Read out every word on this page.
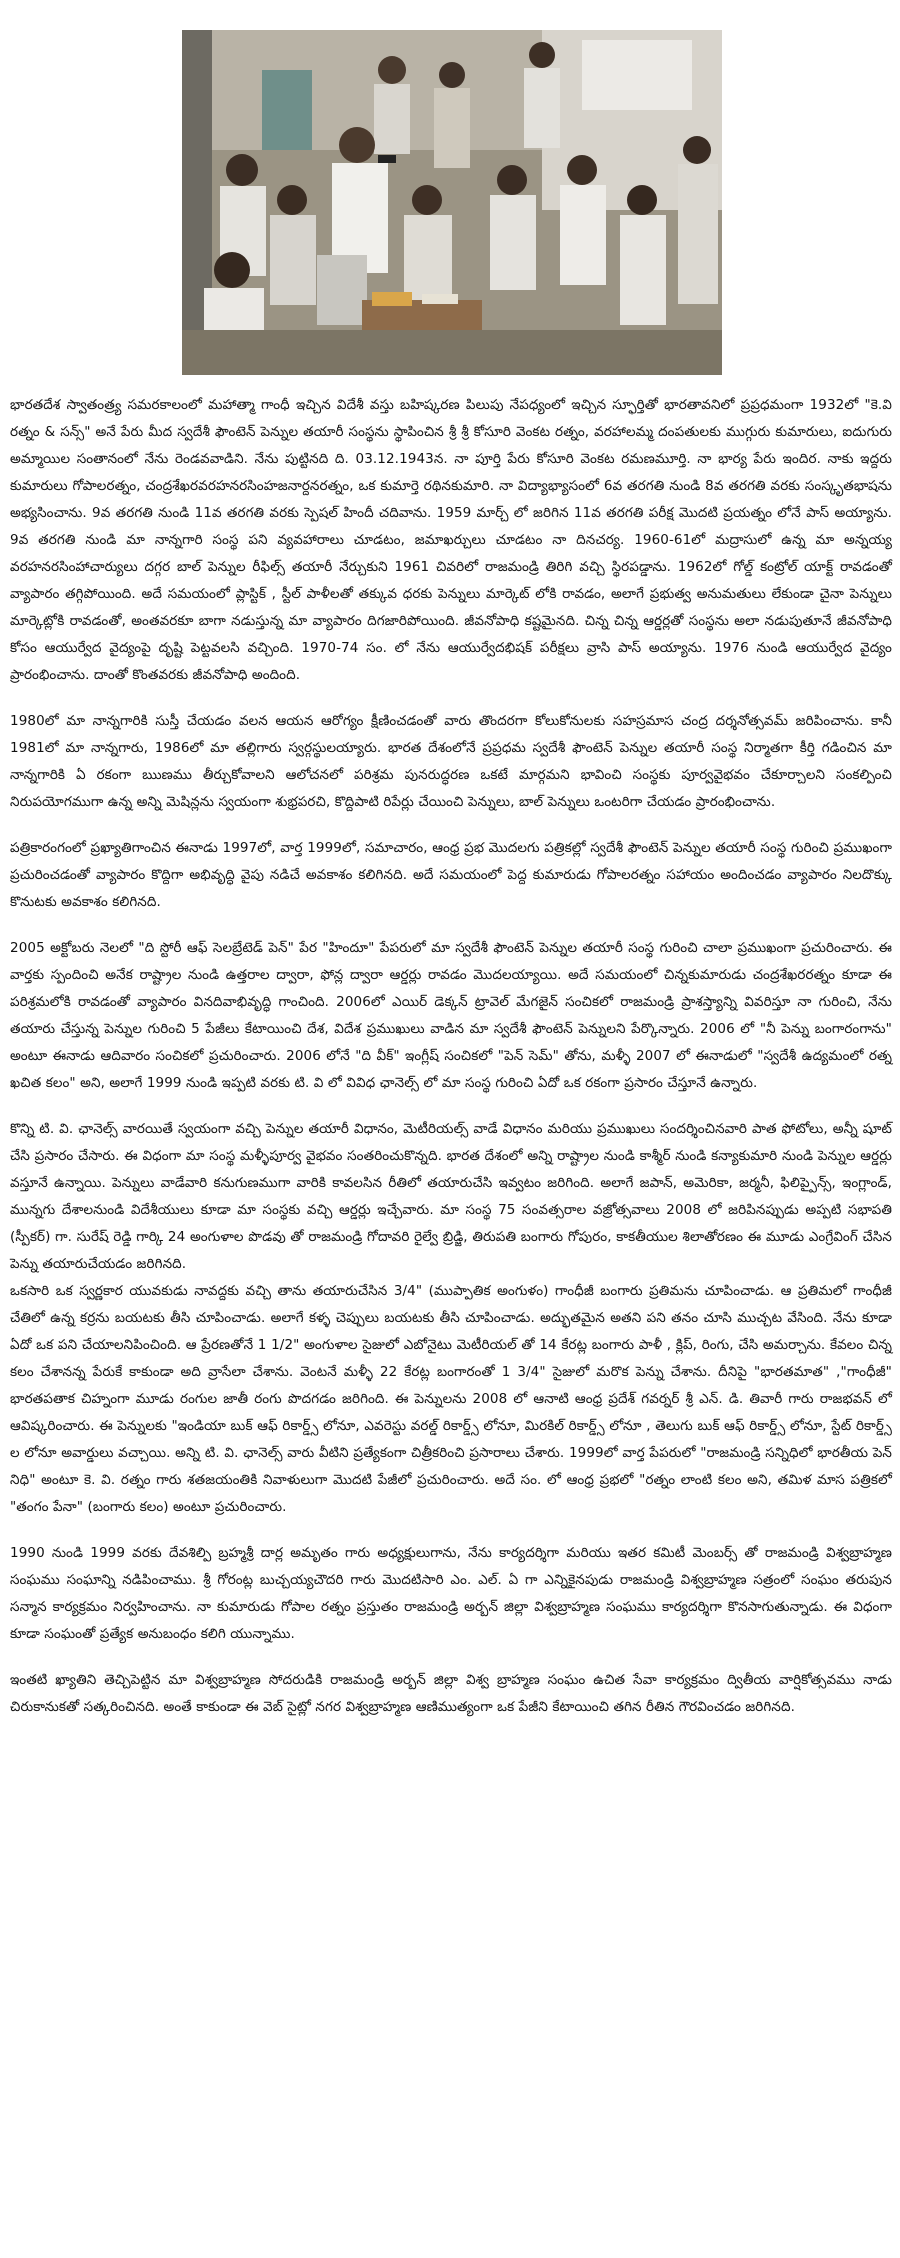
భారతదేశ స్వాతంత్ర్య సమరకాలంలో మహాత్మా గాంధీ ఇచ్చిన విదేశీ వస్తు బహిష్కరణ పిలుపు నేపధ్యంలో ఇచ్చిన స్ఫూర్తితో భారతావనిలో ప్రప్రధమంగా 1932లో "కె.వి రత్నం & సన్స్" అనే పేరు మీద స్వదేశీ ఫౌంటెన్ పెన్నుల తయారీ సంస్థను స్థాపించిన శ్రీ శ్రీ కోసూరి వెంకట రత్నం, వరహాలమ్మ దంపతులకు ముగ్గురు కుమారులు, ఐదుగురు అమ్మాయిల సంతానంలో నేను రెండవవాడిని. నేను పుట్టినది ది. 03.12.1943న. నా పూర్తి పేరు కోసూరి వెంకట రమణమూర్తి. నా భార్య పేరు ఇందిర. నాకు ఇద్దరు కుమారులు గోపాలరత్నం, చంద్రశేఖరవరహనరసింహజనార్దనరత్నం, ఒక కుమార్తె రథినకుమారి. నా విద్యాభ్యాసంలో 6వ తరగతి నుండి 8వ తరగతి వరకు సంస్కృతభాషను అభ్యసించాను. 9వ తరగతి నుండి 11వ తరగతి వరకు స్పెషల్ హిందీ చదివాను. 1959 మార్చ్ లో జరిగిన 11వ తరగతి పరీక్ష మొదటి ప్రయత్నం లోనే పాస్ అయ్యాను. 9వ తరగతి నుండి మా నాన్నగారి సంస్థ పని వ్యవహారాలు చూడటం, జమాఖర్చులు చూడటం నా దినచర్య. 1960-61లో మద్రాసులో ఉన్న మా అన్నయ్య వరహనరసింహాచార్యులు దగ్గర బాల్ పెన్నుల రీఫిల్స్ తయారీ నేర్చుకుని 1961 చివరిలో రాజమండ్రి తిరిగి వచ్చి స్థిరపడ్డాను. 1962లో గోల్డ్ కంట్రోల్ యాక్ట్ రావడంతో వ్యాపారం తగ్గిపోయింది. అదే సమయంలో ప్లాస్టిక్ , స్టీల్ పాళీలతో తక్కువ ధరకు పెన్నులు మార్కెట్ లోకి రావడం, అలాగే ప్రభుత్వ అనుమతులు లేకుండా చైనా పెన్నులు మార్కెట్లోకి రావడంతో, అంతవరకూ బాగా నడుస్తున్న మా వ్యాపారం దిగజారిపోయింది. జీవనోపాధి కష్టమైనది. చిన్న చిన్న ఆర్డర్లతో సంస్థను అలా నడుపుతూనే జీవనోపాధి కోసం ఆయుర్వేద వైద్యంపై దృష్టి పెట్టవలసి వచ్చింది. 1970-74 సం. లో నేను ఆయుర్వేదభిషక్ పరీక్షలు వ్రాసి పాస్ అయ్యాను. 1976 నుండి ఆయుర్వేద వైద్యం ప్రారంభించాను. దాంతో కొంతవరకు జీవనోపాధి అందింది.

1980లో మా నాన్నగారికి సుస్తీ చేయడం వలన ఆయన ఆరోగ్యం క్షీణించడంతో వారు తొందరగా కోలుకోనులకు సహస్రమాస చంద్ర దర్శనోత్సవమ్ జరిపించాను. కానీ 1981లో మా నాన్నగారు, 1986లో మా తల్లిగారు స్వర్గస్థులయ్యారు. భారత దేశంలోనే ప్రప్రధమ స్వదేశీ ఫౌంటెన్ పెన్నుల తయారీ సంస్థ నిర్మాతగా కీర్తి గడించిన మా నాన్నగారికి ఏ రకంగా ఋణము తీర్చుకోవాలని ఆలోచనలో పరిశ్రమ పునరుద్ధరణ ఒకటే మార్గమని భావించి సంస్థకు పూర్వవైభవం చేకూర్చాలని సంకల్పించి నిరుపయోగముగా ఉన్న అన్ని మెషిన్లను స్వయంగా శుభ్రపరచి, కొద్దిపాటి రిపేర్లు చేయించి పెన్నులు, బాల్ పెన్నులు ఒంటరిగా చేయడం ప్రారంభించాను.

పత్రికారంగంలో ప్రఖ్యాతిగాంచిన ఈనాడు 1997లో, వార్త 1999లో, సమాచారం, ఆంధ్ర ప్రభ మొదలగు పత్రికల్లో స్వదేశీ ఫౌంటెన్ పెన్నుల తయారీ సంస్థ గురించి ప్రముఖంగా ప్రచురించడంతో వ్యాపారం కొద్దిగా అభివృద్ధి వైపు నడిచే అవకాశం కలిగినది. అదే సమయంలో పెద్ద కుమారుడు గోపాలరత్నం సహాయం అందించడం వ్యాపారం నిలదొక్కు కొనుటకు అవకాశం కలిగినది.

2005 అక్టోబరు నెలలో "ది స్టోరీ ఆఫ్ సెలబ్రేటెడ్ పెన్" పేర "హిందూ" పేపరులో మా స్వదేశీ ఫౌంటెన్ పెన్నుల తయారీ సంస్థ గురించి చాలా ప్రముఖంగా ప్రచురించారు. ఈ వార్తకు స్పందించి అనేక రాష్ట్రాల నుండి ఉత్తరాల ద్వారా, ఫోన్ల ద్వారా ఆర్డర్లు రావడం మొదలయ్యాయి. అదే సమయంలో చిన్నకుమారుడు చంద్రశేఖరరత్నం కూడా ఈ పరిశ్రమలోకి రావడంతో వ్యాపారం వినదివాభివృద్ధి గాంచింది. 2006లో ఎయిర్ డెక్కన్ ట్రావెల్ మేగజైన్ సంచికలో రాజమండ్రి ప్రాశస్త్యాన్ని వివరిస్తూ నా గురించి, నేను తయారు చేస్తున్న పెన్నుల గురించి 5 పేజీలు కేటాయించి దేశ, విదేశ ప్రముఖులు వాడిన మా స్వదేశీ ఫౌంటెన్ పెన్నులని పేర్కొన్నారు. 2006 లో "నీ పెన్ను బంగారంగాను" అంటూ ఈనాడు ఆదివారం సంచికలో ప్రచురించారు. 2006 లోనే "ది వీక్" ఇంగ్లీష్ సంచికలో "పెన్ సెమ్" తోను, మళ్ళీ 2007 లో ఈనాడులో "స్వదేశీ ఉద్యమంలో రత్న ఖచిత కలం" అని, అలాగే 1999 నుండి ఇప్పటి వరకు టి. వి లో వివిధ ఛానెల్స్ లో మా సంస్థ గురించి ఏదో ఒక రకంగా ప్రసారం చేస్తూనే ఉన్నారు.

కొన్ని టి. వి. ఛానెల్స్ వారయితే స్వయంగా వచ్చి పెన్నుల తయారీ విధానం, మెటీరియల్స్ వాడే విధానం మరియు ప్రముఖులు సందర్శించినవారి పాత ఫోటోలు, అన్నీ షూట్ చేసి ప్రసారం చేసారు. ఈ విధంగా మా సంస్థ మళ్ళీపూర్వ వైభవం సంతరించుకొన్నది. భారత దేశంలో అన్ని రాష్ట్రాల నుండి కాశ్మీర్ నుండి కన్యాకుమారి నుండి పెన్నుల ఆర్డర్లు వస్తూనే ఉన్నాయి. పెన్నులు వాడేవారి కనుగుణముగా వారికి కావలసిన రీతిలో తయారుచేసి ఇవ్వటం జరిగింది. అలాగే జపాన్, అమెరికా, జర్మనీ, ఫిలిప్పైన్స్, ఇంగ్లాండ్, మున్నగు దేశాలనుండి విదేశీయులు కూడా మా సంస్థకు వచ్చి ఆర్డర్లు ఇచ్చేవారు. మా సంస్థ 75 సంవత్సరాల వజ్రోత్సవాలు 2008 లో జరిపినప్పుడు అప్పటి సభాపతి (స్పీకర్) గా. సురేష్ రెడ్డి గార్కి 24 అంగుళాల పొడవు తో రాజమండ్రి గోదావరి రైల్వే బ్రిడ్జి, తిరుపతి బంగారు గోపురం, కాకతీయుల శిలాతోరణం ఈ మూడు ఎంగ్రేవింగ్ చేసిన పెన్ను తయారుచేయడం జరిగినది.

ఒకసారి ఒక స్వర్ణకార యువకుడు నావద్దకు వచ్చి తాను తయారుచేసిన 3/4" (ముప్పాతిక అంగుళం) గాంధీజీ బంగారు ప్రతిమను చూపించాడు. ఆ ప్రతిమలో గాంధీజీ చేతిలో ఉన్న కర్రను బయటకు తీసి చూపించాడు. అలాగే కళ్ళ చెప్పులు బయటకు తీసి చూపించాడు. అద్భుతమైన అతని పని తనం చూసి ముచ్చట వేసింది. నేను కూడా ఏదో ఒక పని చేయాలనిపించింది. ఆ ప్రేరణతోనే 1 1/2" అంగుళాల సైజులో ఎబోనైటు మెటీరియల్ తో 14 కేరట్ల బంగారు పాళీ , క్లిప్, రింగు, చేసి అమర్చాను. కేవలం చిన్న కలం చేశానన్న పేరుకే కాకుండా అది వ్రాసేలా చేశాను. వెంటనే మళ్ళీ 22 కేరట్ల బంగారంతో 1 3/4" సైజులో మరొక పెన్ను చేశాను. దీనిపై "భారతమాత" ,"గాంధీజీ" భారతపతాక చిహ్నంగా మూడు రంగుల జాతీ రంగు పొదగడం జరిగింది. ఈ పెన్నులను 2008 లో ఆనాటి ఆంధ్ర ప్రదేశ్ గవర్నర్ శ్రీ ఎన్. డి. తివారీ గారు రాజభవన్ లో ఆవిష్కరించారు. ఈ పెన్నులకు "ఇండియా బుక్ ఆఫ్ రికార్డ్స్ లోనూ, ఎవరెస్టు వరల్డ్ రికార్డ్స్ లోనూ, మిరకిల్ రికార్డ్స్ లోనూ , తెలుగు బుక్ ఆఫ్ రికార్డ్స్ లోనూ, స్టేట్ రికార్డ్స్ ల లోనూ అవార్డులు వచ్చాయి. అన్ని టి. వి. ఛానెల్స్ వారు వీటిని ప్రత్యేకంగా చిత్రీకరించి ప్రసారాలు చేశారు. 1999లో వార్త పేపరులో "రాజమండ్రి సన్నిధిలో భారతీయ పెన్ నిధి" అంటూ కె. వి. రత్నం గారు శతజయంతికి నివాళులుగా మొదటి పేజీలో ప్రచురించారు. అదే సం. లో ఆంధ్ర ప్రభలో "రత్నం లాంటి కలం అని, తమిళ మాస పత్రికలో "తంగం పేనా" (బంగారు కలం) అంటూ ప్రచురించారు.

1990 నుండి 1999 వరకు దేవశిల్పి బ్రహ్మశ్రీ దార్ల అమృతం గారు అధ్యక్షులుగాను, నేను కార్యదర్శిగా మరియు ఇతర కమిటీ మెంబర్స్ తో రాజమండ్రి విశ్వబ్రాహ్మణ సంఘము సంఘాన్ని నడిపించాము. శ్రీ గోరంట్ల బుచ్చయ్యచౌదరి గారు మొదటిసారి ఎం. ఎల్. ఏ గా ఎన్నికైనపుడు రాజమండ్రి విశ్వబ్రాహ్మణ సత్రంలో సంఘం తరుపున సన్మాన కార్యక్రమం నిర్వహించాను. నా కుమారుడు గోపాల రత్నం ప్రస్తుతం రాజమండ్రి అర్బన్ జిల్లా విశ్వబ్రాహ్మణ సంఘము కార్యదర్శిగా కొనసాగుతున్నాడు. ఈ విధంగా కూడా సంఘంతో ప్రత్యేక అనుబంధం కలిగి యున్నాము.

ఇంతటి ఖ్యాతిని తెచ్చిపెట్టిన మా విశ్వబ్రాహ్మణ సోదరుడికి రాజమండ్రి అర్బన్ జిల్లా విశ్వ బ్రాహ్మణ సంఘం ఉచిత సేవా కార్యక్రమం ద్వితీయ వార్షికోత్సవము నాడు చిరుకానుకతో సత్కరించినది. అంతే కాకుండా ఈ వెబ్ సైట్లో నగర విశ్వబ్రాహ్మణ ఆణిముత్యంగా ఒక పేజీని కేటాయించి తగిన రీతిన గౌరవించడం జరిగినది.
